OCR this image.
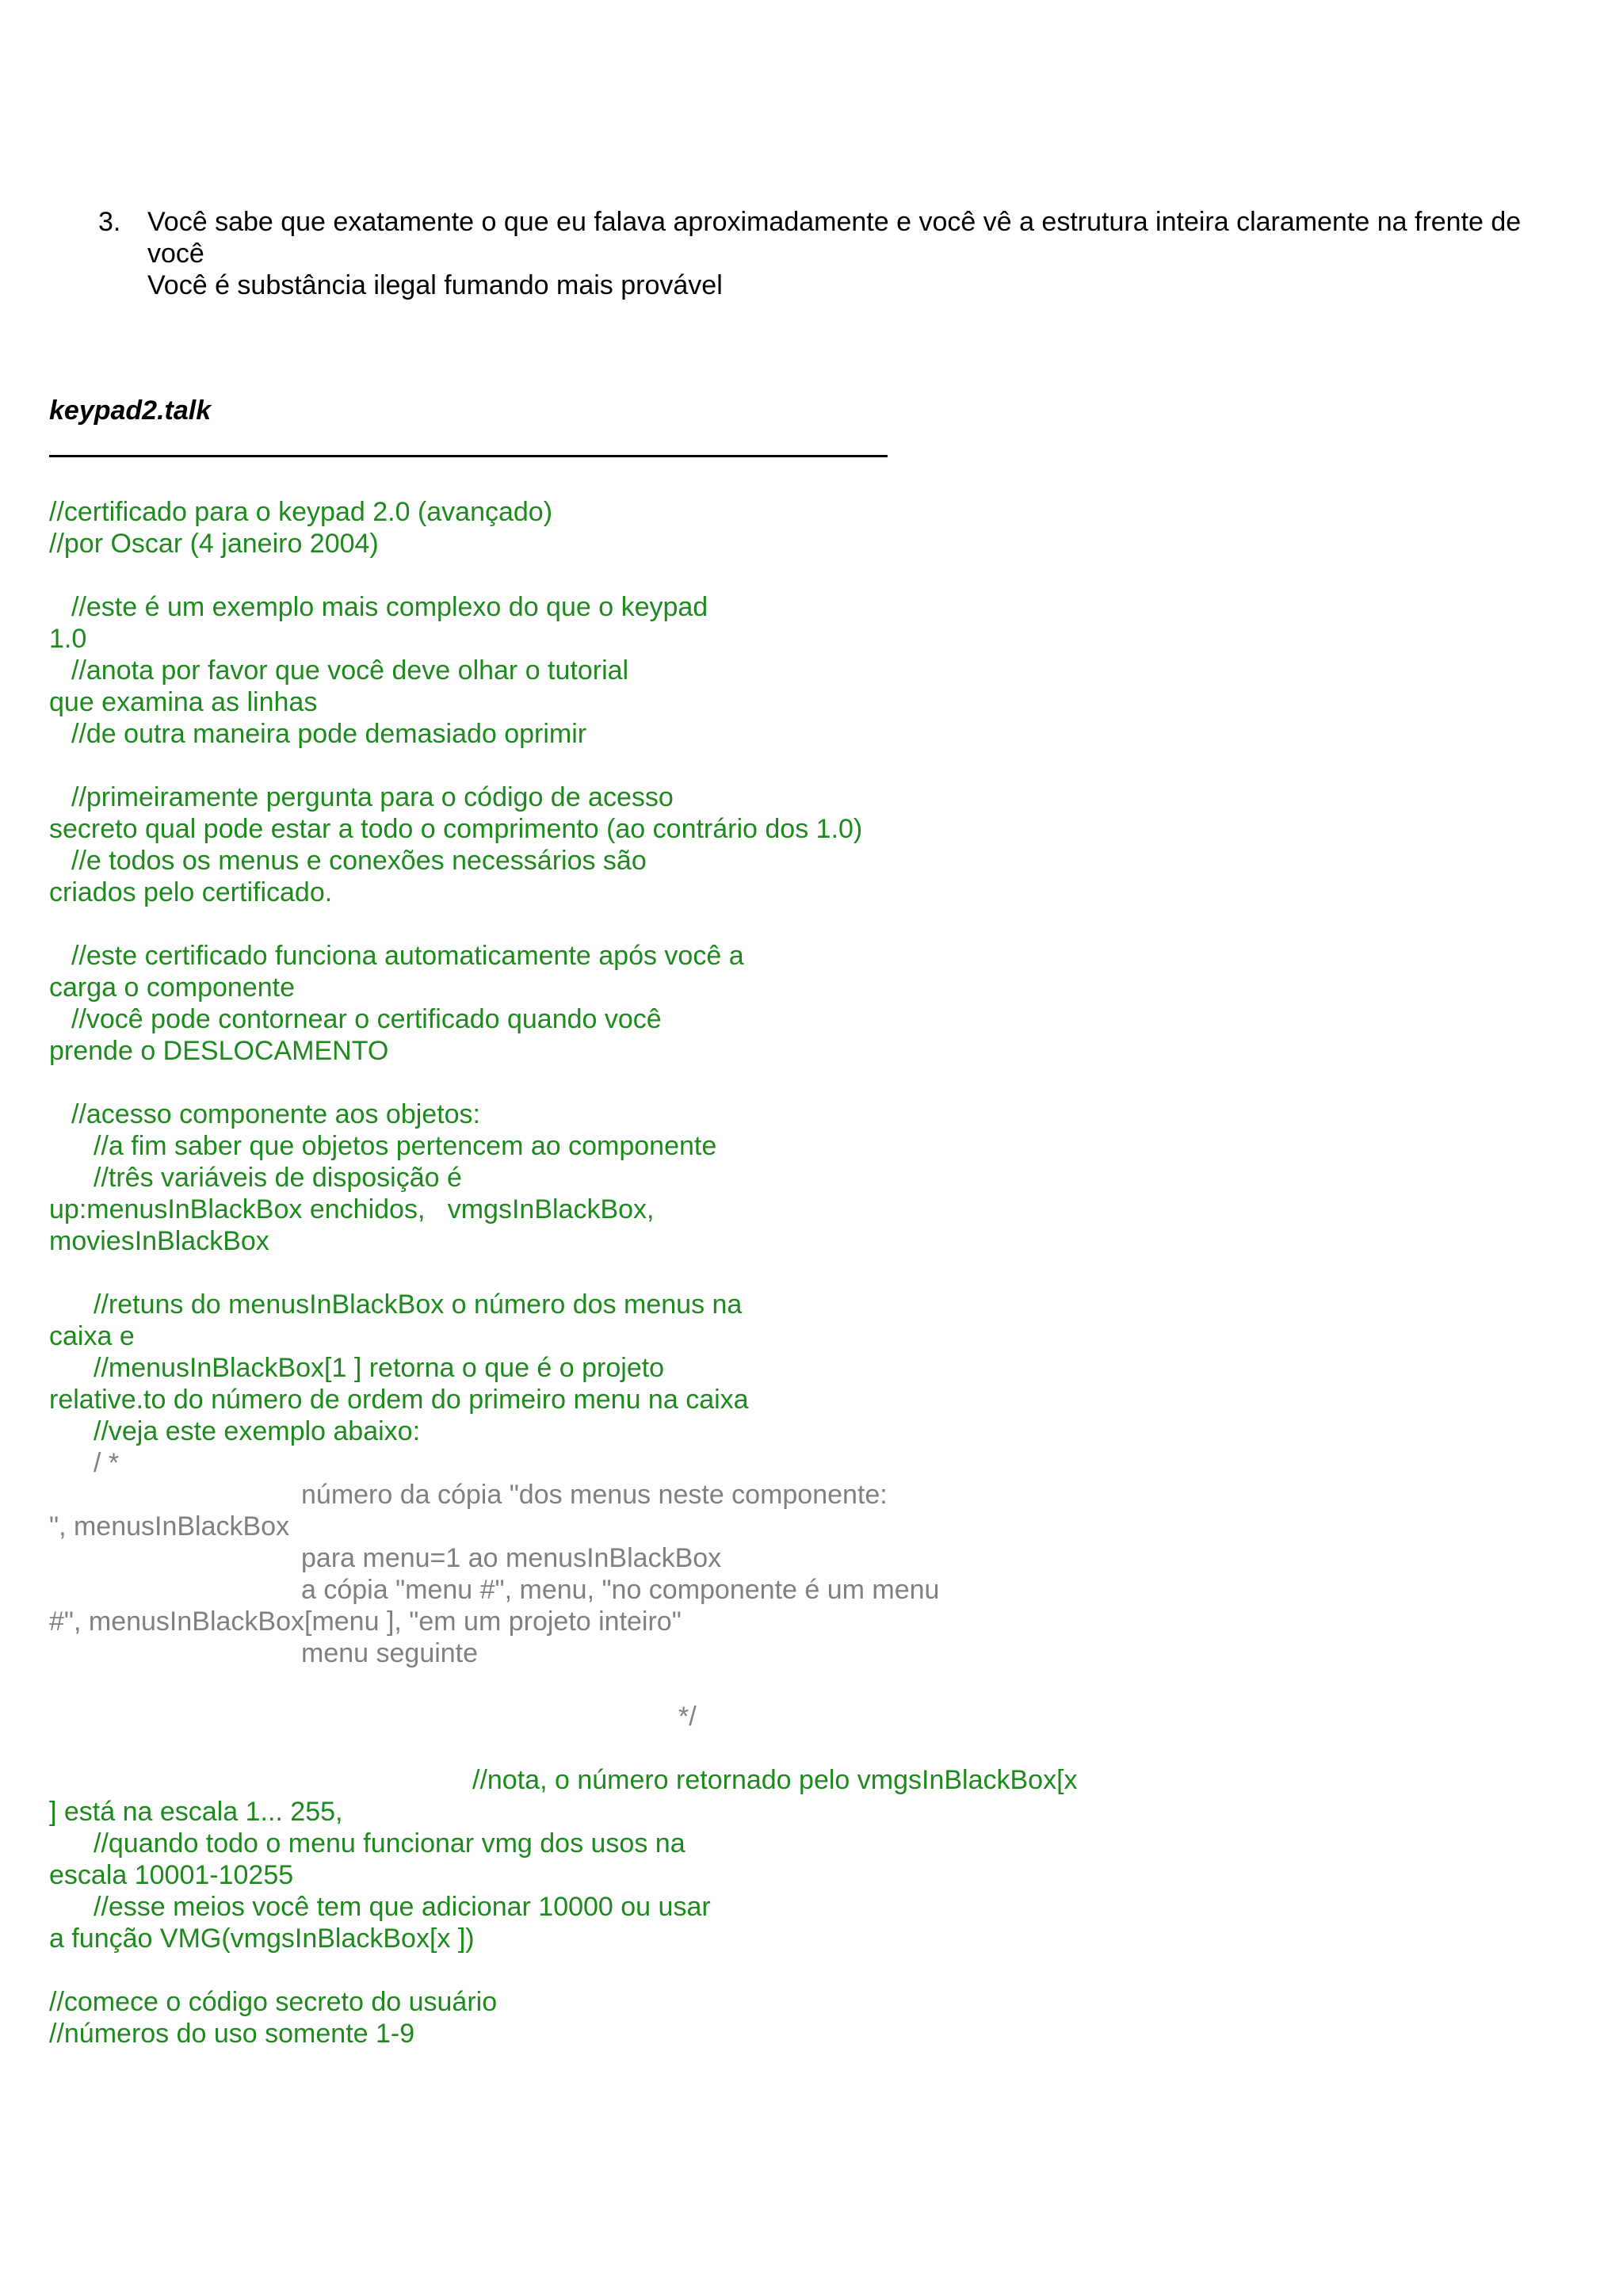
3. Você sabe que exatamente o que eu falava aproximadamente e você vê a estrutura inteira claramente na frente de
você
Você é substância ilegal fumando mais provável
keypad2.talk
//certificado para o keypad 2.0 (avançado)
//por Oscar (4 janeiro 2004)
//este é um exemplo mais complexo do que o keypad
1.0
//anota por favor que você deve olhar o tutorial
que examina as linhas
//de outra maneira pode demasiado oprimir
//primeiramente pergunta para o código de acesso
secreto qual pode estar a todo o comprimento (ao contrário dos 1.0)
//e todos os menus e conexões necessários são
criados pelo certificado.
//este certificado funciona automaticamente após você a
carga o componente
//você pode contornear o certificado quando você
prende o DESLOCAMENTO
//acesso componente aos objetos:
//a fim saber que objetos pertencem ao componente
//três variáveis de disposição é
up:menusInBlackBox enchidos,   vmgsInBlackBox,
moviesInBlackBox
//retuns do menusInBlackBox o número dos menus na
caixa e
//menusInBlackBox[1 ] retorna o que é o projeto
relative.to do número de ordem do primeiro menu na caixa
//veja este exemplo abaixo:
/ *
número da cópia "dos menus neste componente:
", menusInBlackBox
para menu=1 ao menusInBlackBox
a cópia "menu #", menu, "no componente é um menu
#", menusInBlackBox[menu ], "em um projeto inteiro"
menu seguinte
*/
//nota, o número retornado pelo vmgsInBlackBox[x
] está na escala 1... 255,
//quando todo o menu funcionar vmg dos usos na
escala 10001-10255
//esse meios você tem que adicionar 10000 ou usar
a função VMG(vmgsInBlackBox[x ])
//comece o código secreto do usuário
//números do uso somente 1-9
